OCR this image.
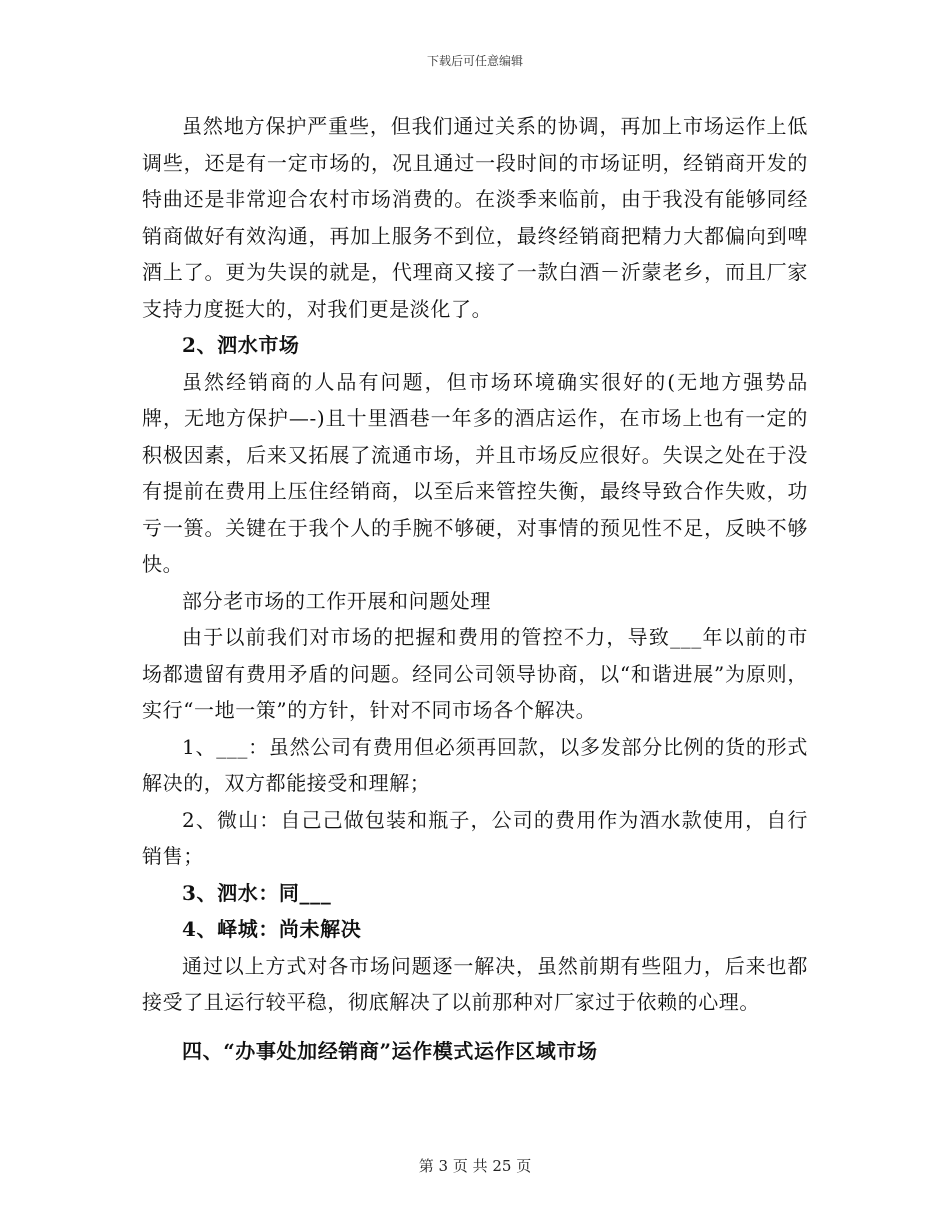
下载后可任意编辑

虽然地方保护严重些，但我们通过关系的协调，再加上市场运作上低调些，还是有一定市场的，况且通过一段时间的市场证明，经销商开发的特曲还是非常迎合农村市场消费的。在淡季来临前，由于我没有能够同经销商做好有效沟通，再加上服务不到位，最终经销商把精力大都偏向到啤酒上了。更为失误的就是，代理商又接了一款白酒－沂蒙老乡，而且厂家支持力度挺大的，对我们更是淡化了。

2、泗水市场

虽然经销商的人品有问题，但市场环境确实很好的(无地方强势品牌，无地方保护—-)且十里酒巷一年多的酒店运作，在市场上也有一定的积极因素，后来又拓展了流通市场，并且市场反应很好。失误之处在于没有提前在费用上压住经销商，以至后来管控失衡，最终导致合作失败，功亏一篑。关键在于我个人的手腕不够硬，对事情的预见性不足，反映不够快。

部分老市场的工作开展和问题处理

由于以前我们对市场的把握和费用的管控不力，导致___年以前的市场都遗留有费用矛盾的问题。经同公司领导协商，以“和谐进展”为原则，实行“一地一策”的方针，针对不同市场各个解决。

1、___：虽然公司有费用但必须再回款，以多发部分比例的货的形式解决的，双方都能接受和理解；

2、微山：自己己做包装和瓶子，公司的费用作为酒水款使用，自行销售；

3、泗水：同___

4、峄城：尚未解决

通过以上方式对各市场问题逐一解决，虽然前期有些阻力，后来也都接受了且运行较平稳，彻底解决了以前那种对厂家过于依赖的心理。

四、“办事处加经销商”运作模式运作区域市场

第 3 页 共 25 页
